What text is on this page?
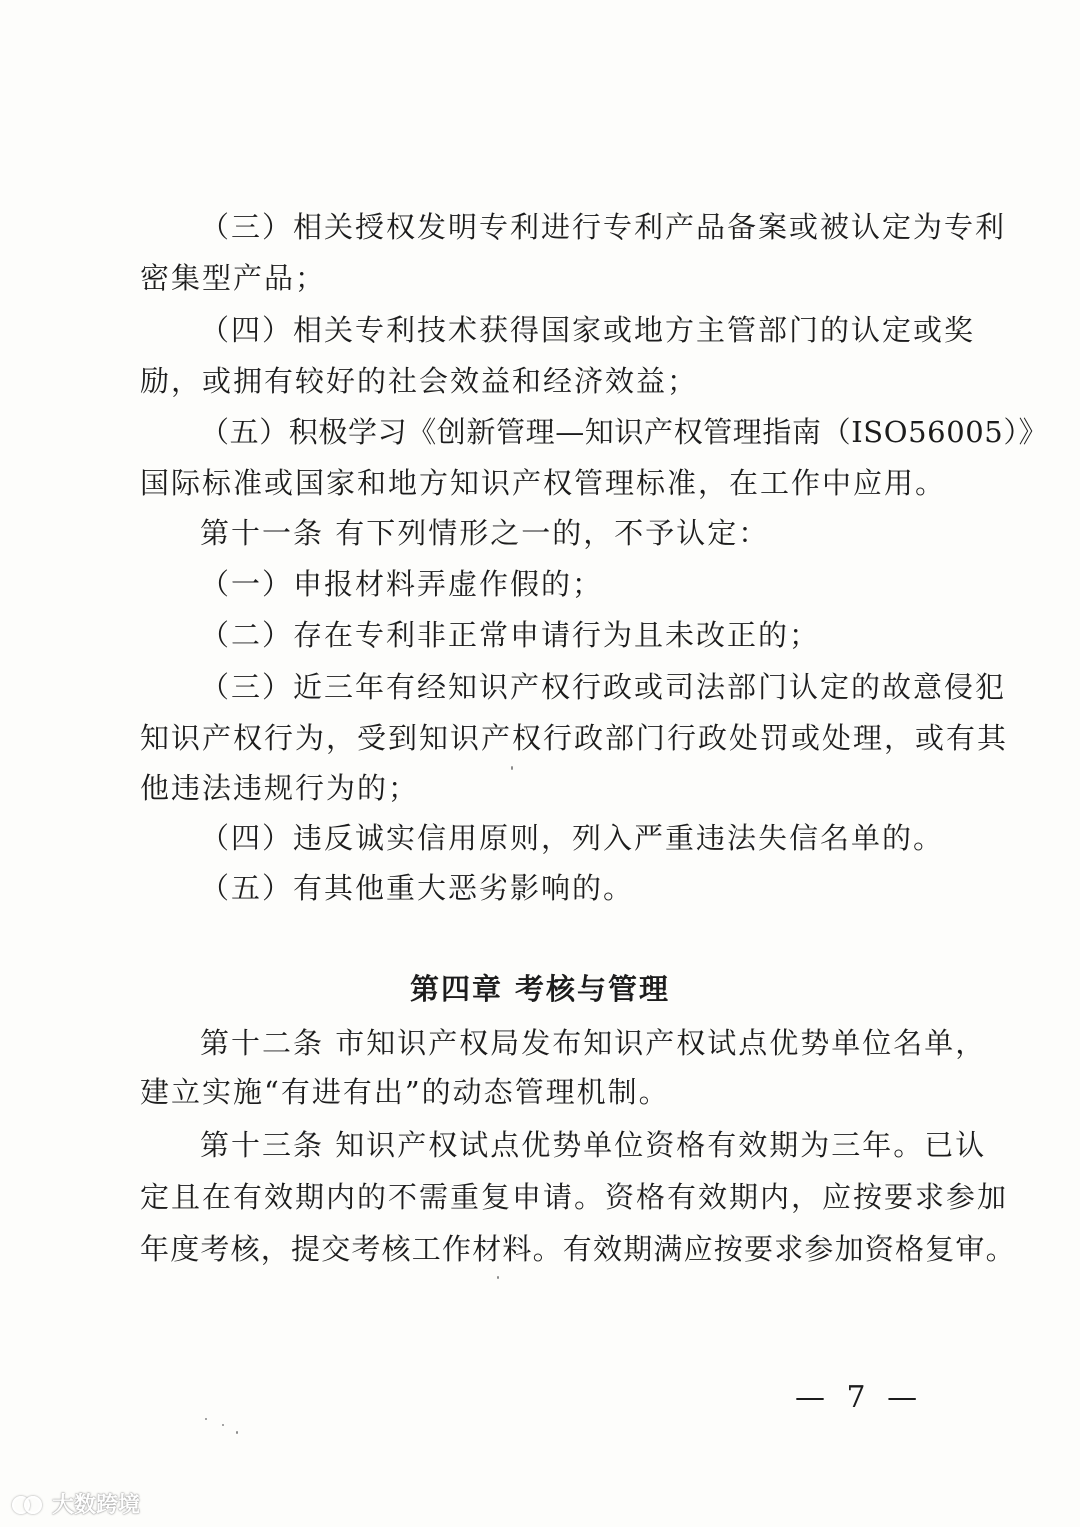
（三）相关授权发明专利进行专利产品备案或被认定为专利
密集型产品；
（四）相关专利技术获得国家或地方主管部门的认定或奖
励，或拥有较好的社会效益和经济效益；
（五）积极学习《创新管理—知识产权管理指南（ISO56005）》
国际标准或国家和地方知识产权管理标准，在工作中应用。
第十一条 有下列情形之一的，不予认定：
（一）申报材料弄虚作假的；
（二）存在专利非正常申请行为且未改正的；
（三）近三年有经知识产权行政或司法部门认定的故意侵犯
知识产权行为，受到知识产权行政部门行政处罚或处理，或有其
他违法违规行为的；
（四）违反诚实信用原则，列入严重违法失信名单的。
（五）有其他重大恶劣影响的。
第四章 考核与管理
第十二条 市知识产权局发布知识产权试点优势单位名单，
建立实施“有进有出”的动态管理机制。
第十三条 知识产权试点优势单位资格有效期为三年。已认
定且在有效期内的不需重复申请。资格有效期内，应按要求参加
年度考核，提交考核工作材料。有效期满应按要求参加资格复审。
— 7 —
大数跨境
